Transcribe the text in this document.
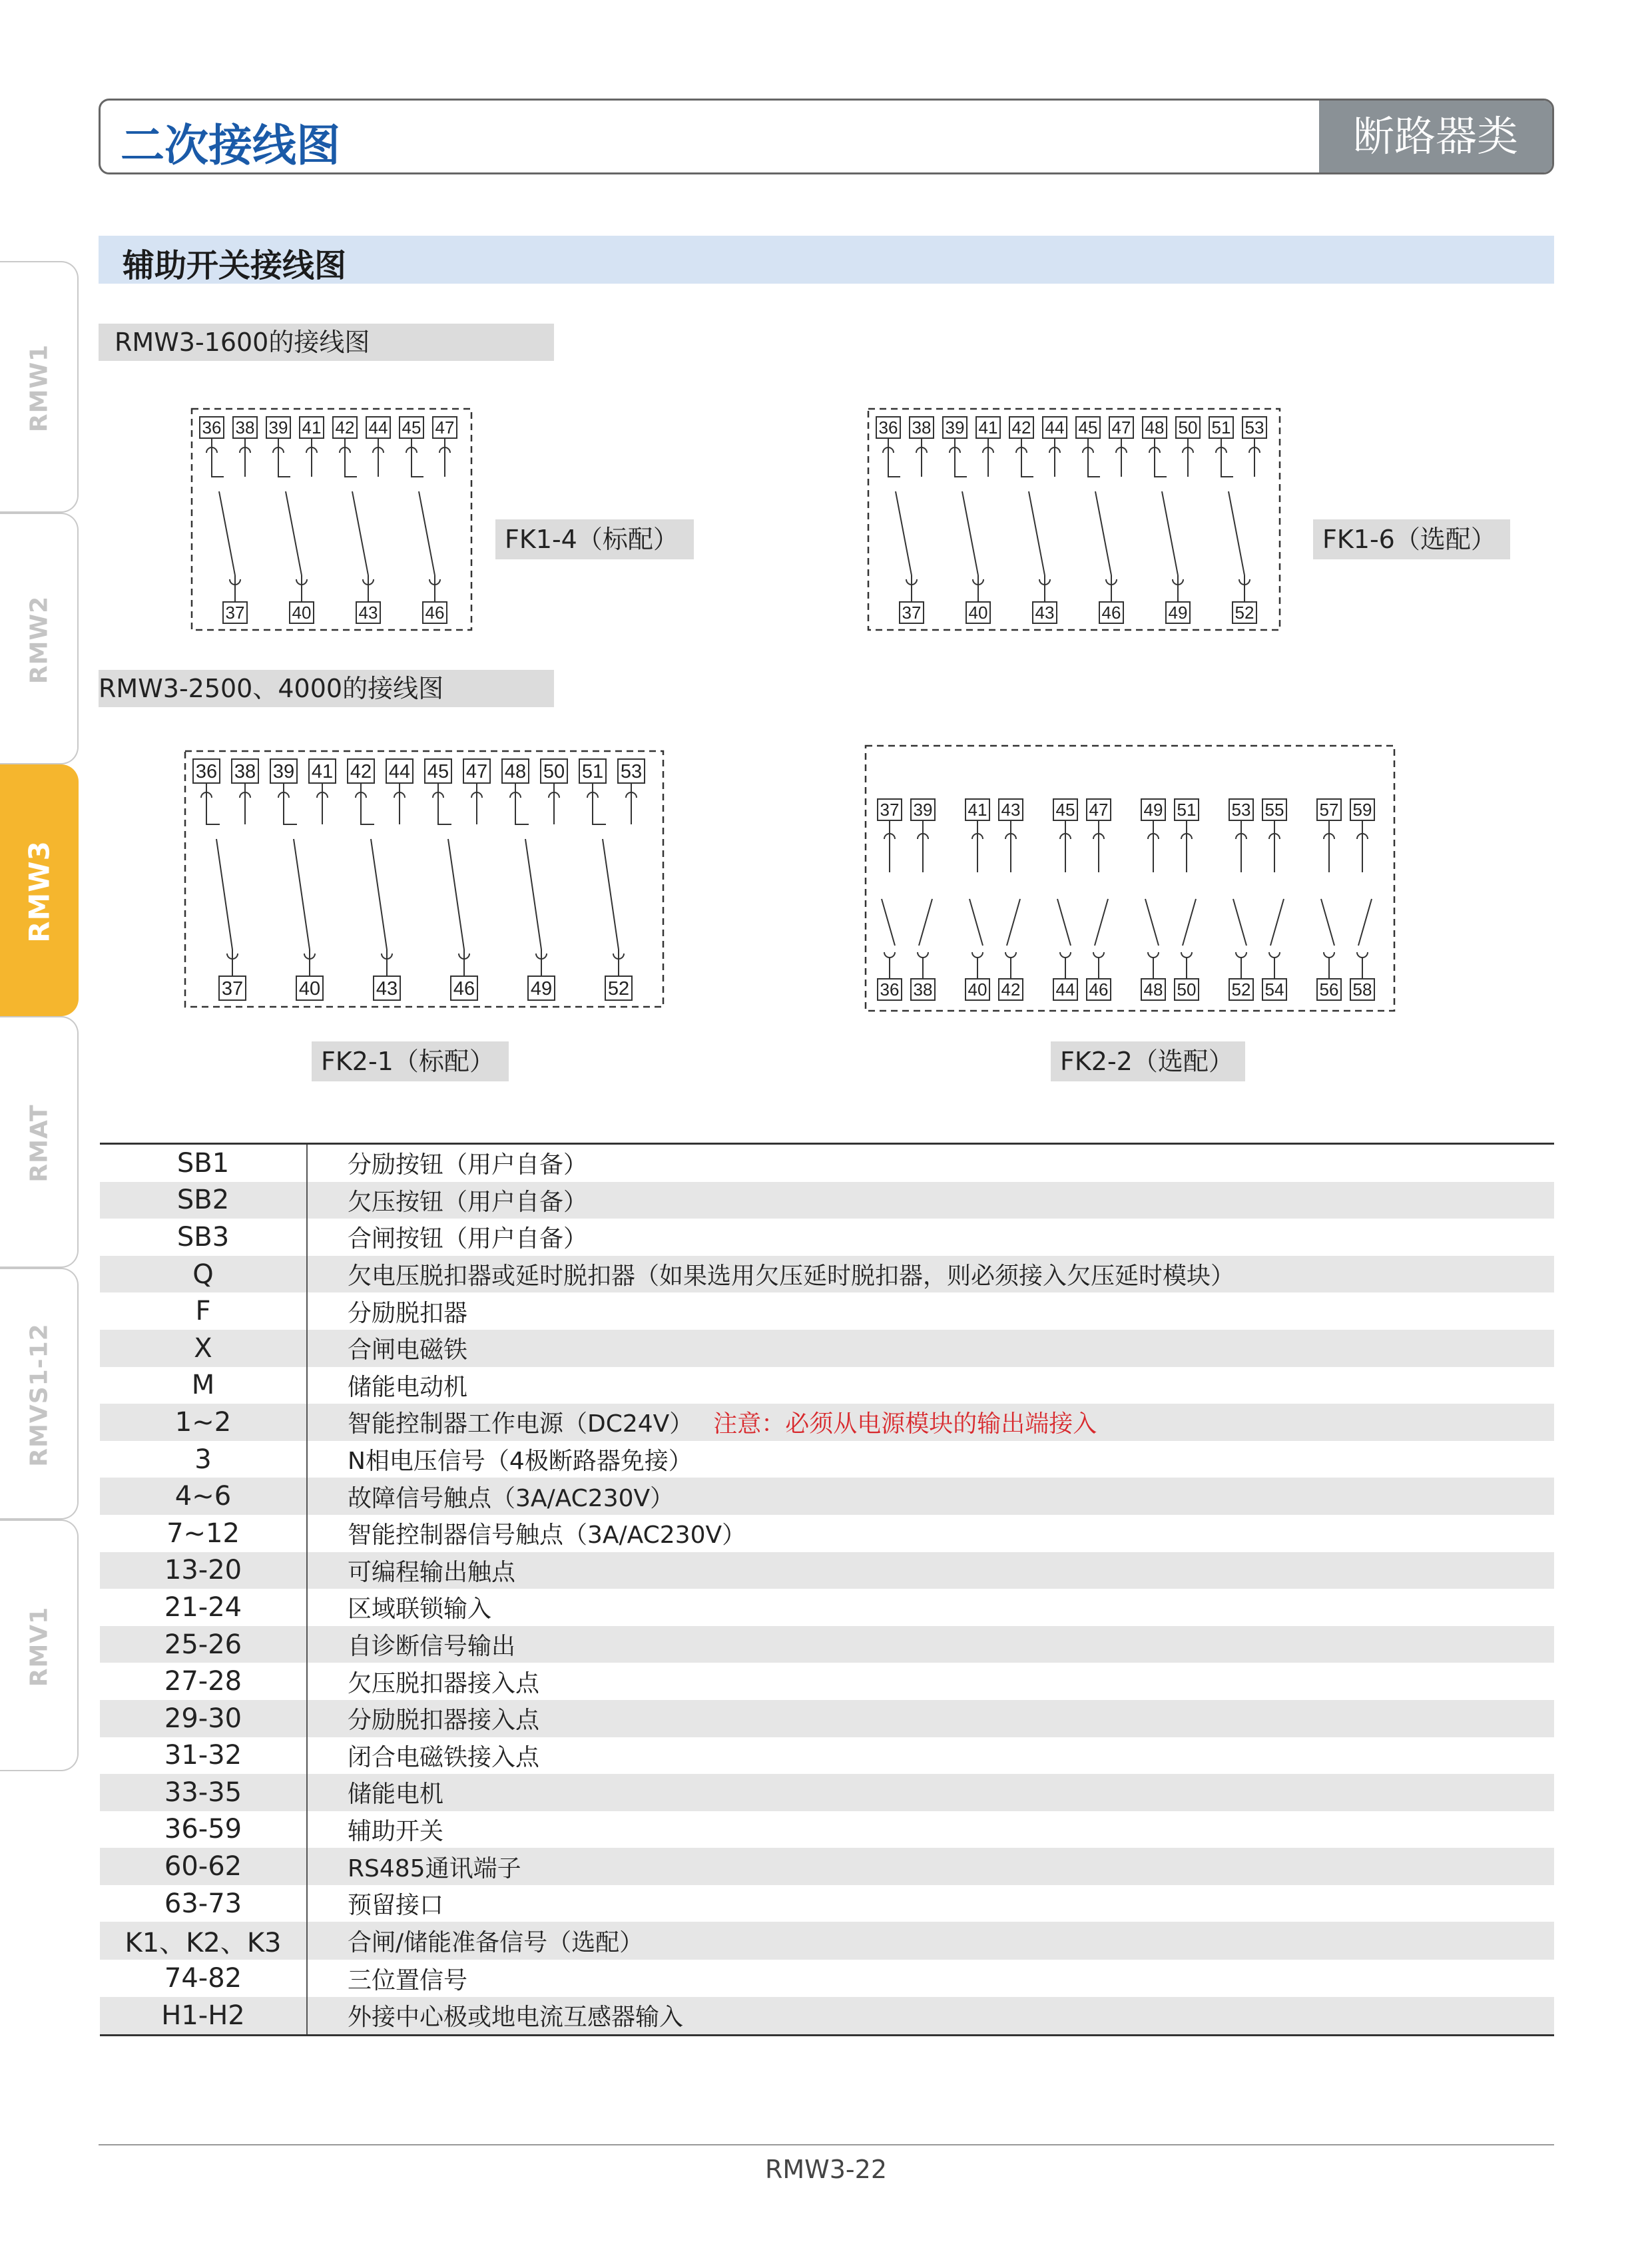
二次接线图	断路器类
辅助开关接线图
RMW1
RMW2
RMW3
RMAT
RMVS1-12
RMV1
RMW3-1600的接线图
RMW3-2500、4000的接线图
36 38 39 41 42 44 45 47
37	40	43	46
FK1-4（标配）
36 38 39 41 42 44 45 47 48 50 51 53
37	40	43	46	49	52
FK1-6（选配）
36 38 39 41 42 44 45 47 48 50 51 53
37	40	43	46	49	52
FK2-1（标配）
37
36
39
38
41
40
43
42
45
44
47
46
49
48
51
50
53
52
55
54
57
56
59
58
FK2-2（选配）
SB1	分励按钮（用户自备）
SB2	欠压按钮（用户自备）
SB3	合闸按钮（用户自备）
Q	欠电压脱扣器或延时脱扣器（如果选用欠压延时脱扣器，则必须接入欠压延时模块）
F	分励脱扣器
X	合闸电磁铁
M	储能电动机
1~2	智能控制器工作电源（DC24V） 注意：必须从电源模块的输出端接入
3	N相电压信号（4极断路器免接）
4~6	故障信号触点（3A/AC230V）
7~12	智能控制器信号触点（3A/AC230V）
13-20	可编程输出触点
21-24	区域联锁输入
25-26	自诊断信号输出
27-28	欠压脱扣器接入点
29-30	分励脱扣器接入点
31-32	闭合电磁铁接入点
33-35	储能电机
36-59	辅助开关
60-62	RS485通讯端子
63-73	预留接口
K1、K2、K3	合闸/储能准备信号（选配）
74-82	三位置信号
H1-H2	外接中心极或地电流互感器输入
RMW3-22
